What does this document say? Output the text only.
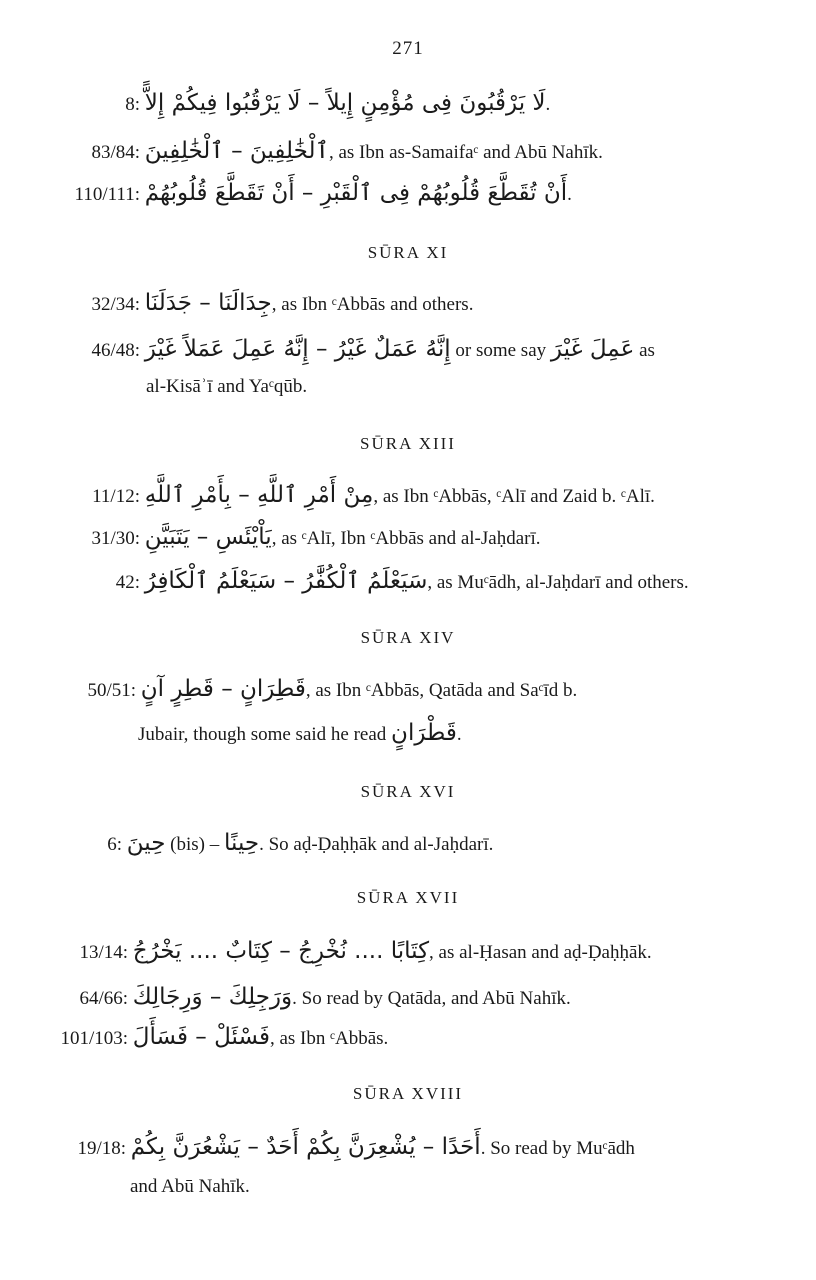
271
8: لَا يَرْقُبُونَ فِى مُؤْمِنٍ إِيلاً – لَا يَرْقُبُوا فِيكُمْ إِلاًّ.
83/84: ٱلْخَٰلِفِينَ – ٱلْخَٰلِفِينَ, as Ibn as-Samaifaᶜ and Abū Nahīk.
110/111: أَنْ تُقَطَّعَ قُلُوبُهُمْ فِى ٱلْقَبْرِ – أَنْ تَقَطَّعَ قُلُوبُهُمْ.
SŪRA XI
32/34: جِدَالَنَا – جَدَلَنَا, as Ibn ᶜAbbās and others.
46/48: إِنَّهُ عَمَلٌ غَيْرُ – إِنَّهُ عَمِلَ عَمَلاً غَيْرَ or some say عَمِلَ غَيْرَ as
al-Kisāʾī and Yaᶜqūb.
SŪRA XIII
11/12: مِنْ أَمْرِ ٱللَّهِ – بِأَمْرِ ٱللَّهِ, as Ibn ᶜAbbās, ᶜAlī and Zaid b. ᶜAlī.
31/30: يَاْيْئَسِ – يَتَبَيَّنِ, as ᶜAlī, Ibn ᶜAbbās and al-Jaḥdarī.
42: سَيَعْلَمُ ٱلْكُفَّٰرُ – سَيَعْلَمُ ٱلْكَافِرُ, as Muᶜādh, al-Jaḥdarī and others.
SŪRA XIV
50/51: قَطِرَانٍ – قَطِرٍ آنٍ, as Ibn ᶜAbbās, Qatāda and Saᶜīd b.
Jubair, though some said he read قَطْرَانٍ.
SŪRA XVI
6: حِينَ (bis) – حِينًا. So aḍ-Ḍaḥḥāk and al-Jaḥdarī.
SŪRA XVII
13/14: كِتَابًا .... نُخْرِجُ – كِتَابٌ .... يَخْرُجُ, as al-Ḥasan and aḍ-Ḍaḥḥāk.
64/66: وَرَجِلِكَ – وَرِجَالِكَ. So read by Qatāda, and Abū Nahīk.
101/103: فَسْئَلْ – فَسَأَلَ, as Ibn ᶜAbbās.
SŪRA XVIII
19/18: أَحَدًا – يُشْعِرَنَّ بِكُمْ أَحَدٌ – يَشْعُرَنَّ بِكُمْ. So read by Muᶜādh
and Abū Nahīk.
